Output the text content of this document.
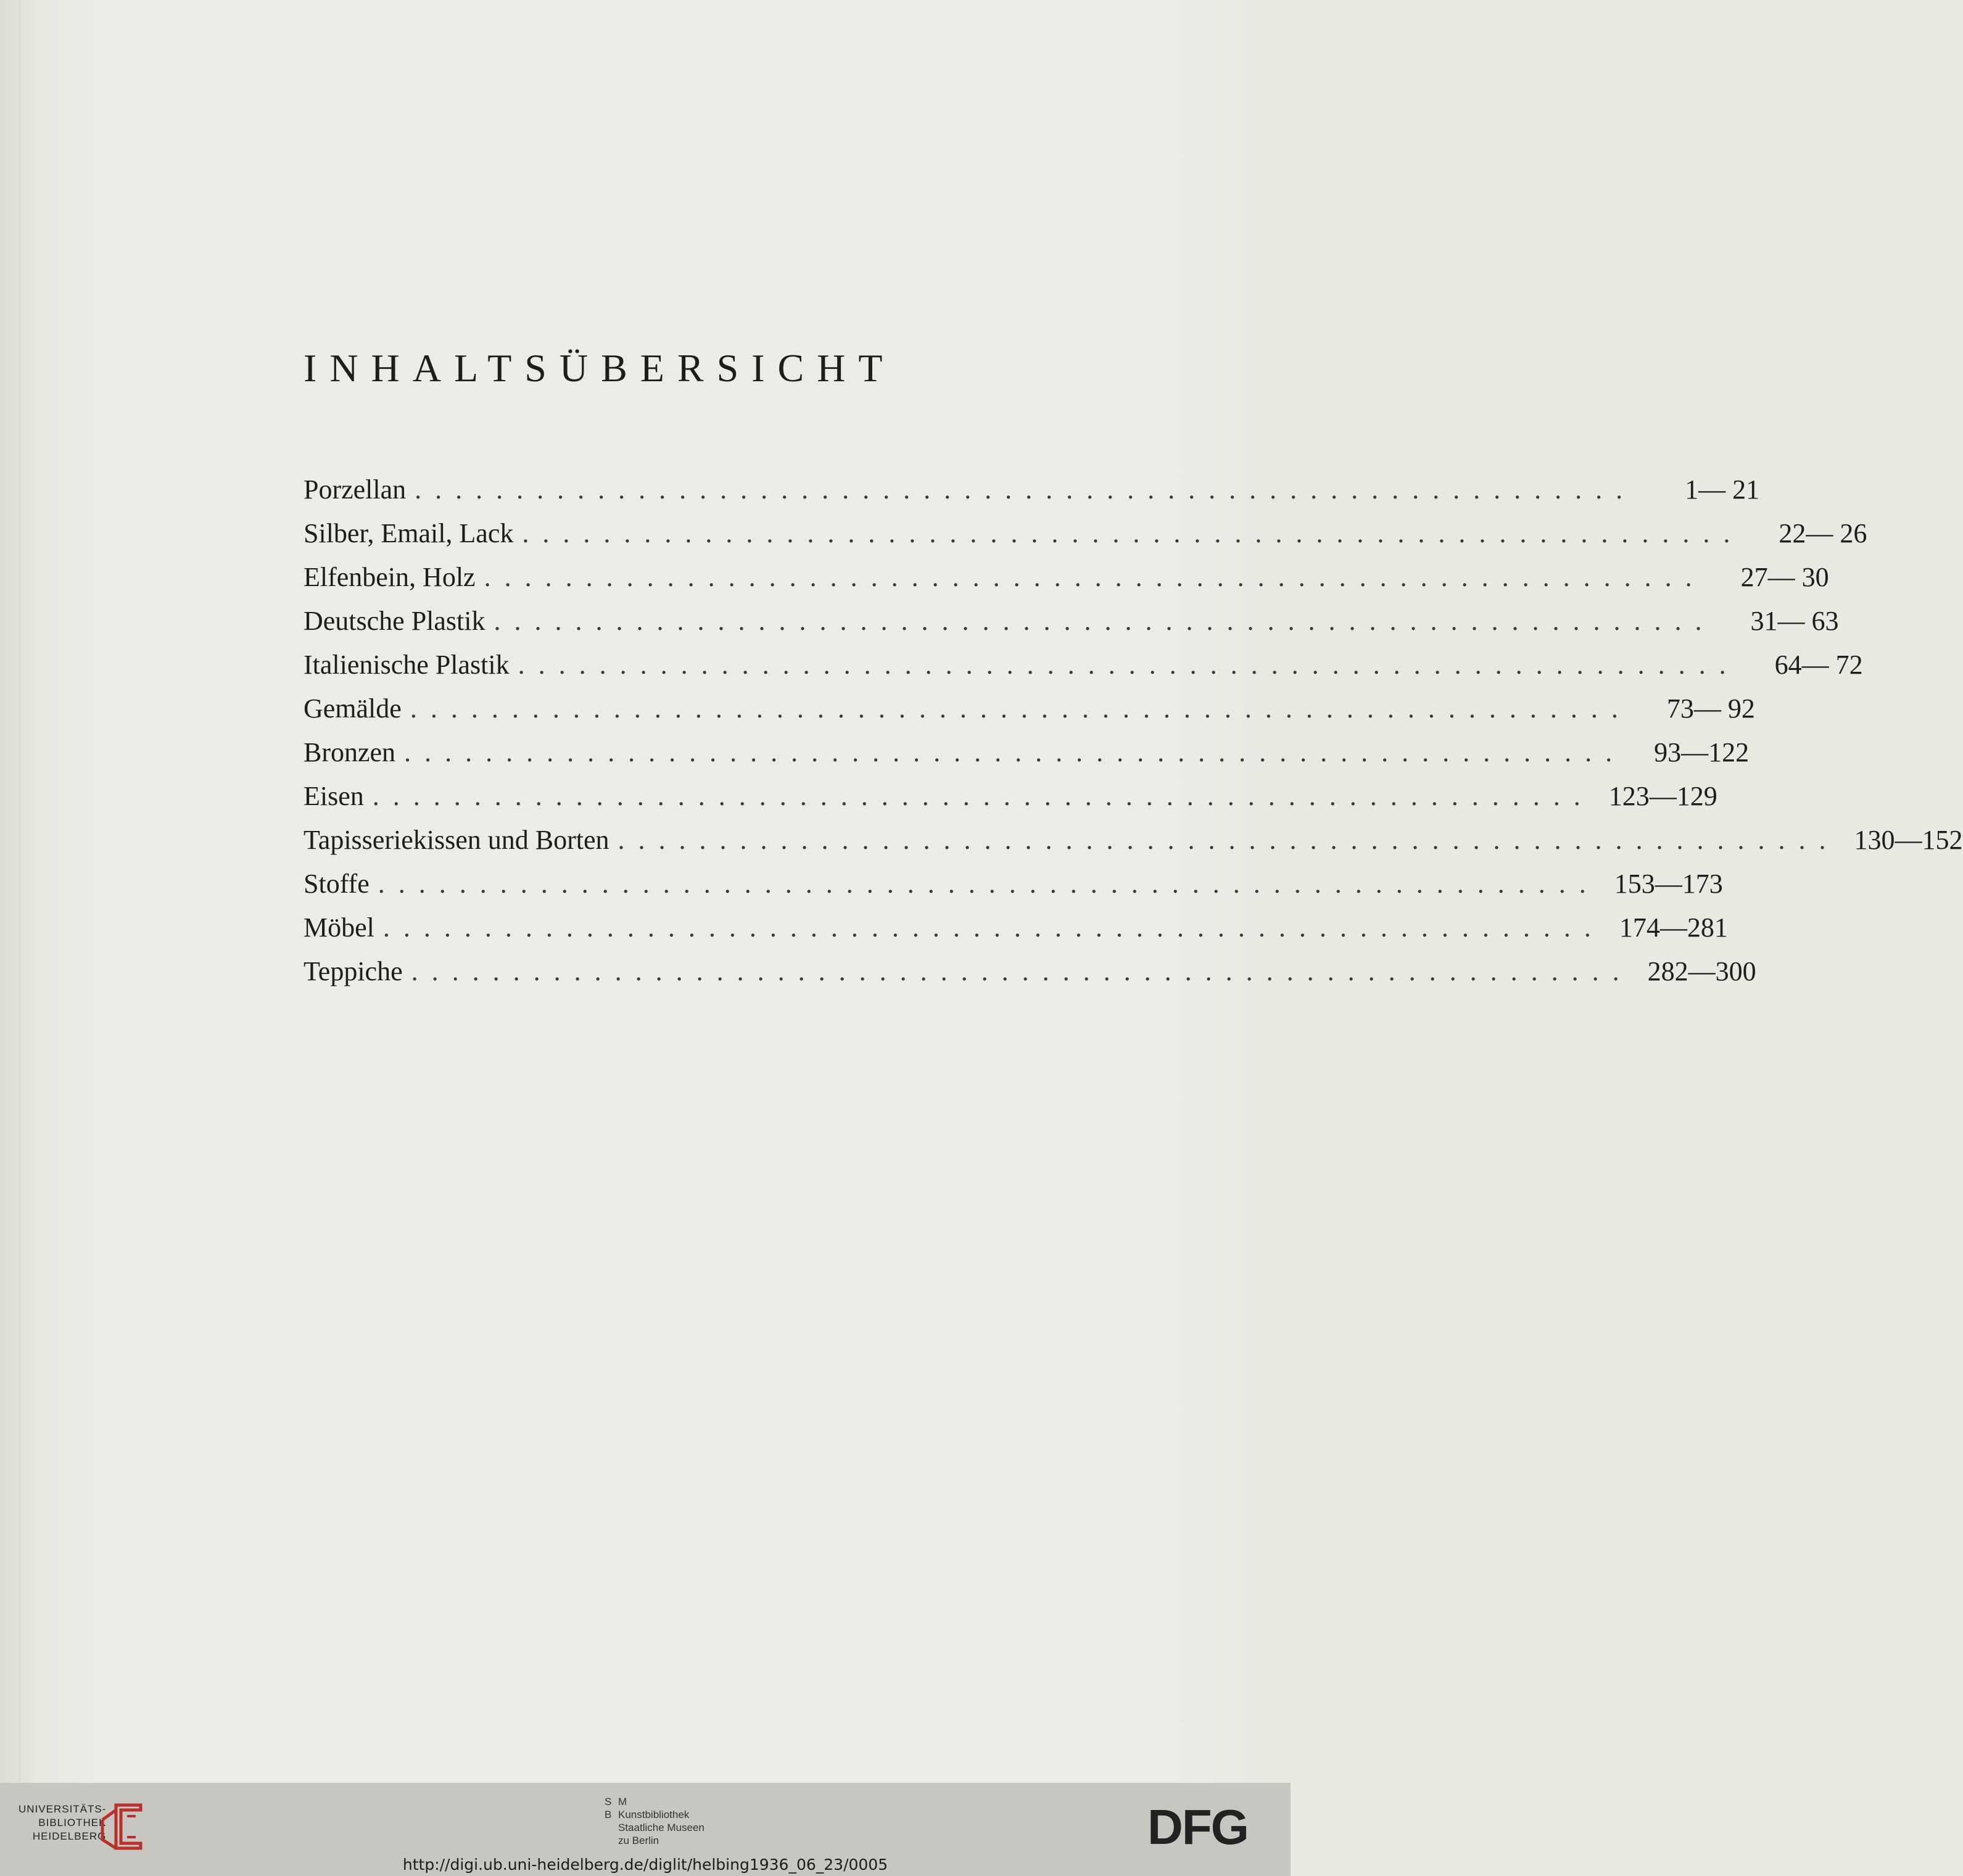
INHALTSÜBERSICHT
Porzellan ............................................................	1— 21
Silber, Email, Lack ............................................................	22— 26
Elfenbein, Holz ............................................................	27— 30
Deutsche Plastik ............................................................	31— 63
Italienische Plastik ............................................................	64— 72
Gemälde ............................................................	73— 92
Bronzen ............................................................	93—122
Eisen ............................................................ 123—129
Tapisseriekissen und Borten ............................................................ 130—152
Stoffe ............................................................ 153—173
Möbel ............................................................ 174—281
Teppiche ............................................................ 282—300
UNIVERSITÄTS-
BIBLIOTHEK
HEIDELBERG
S M
B Kunstbibliothek
Staatliche Museen
zu Berlin	DFG
http://digi.ub.uni-heidelberg.de/diglit/helbing1936_06_23/0005
